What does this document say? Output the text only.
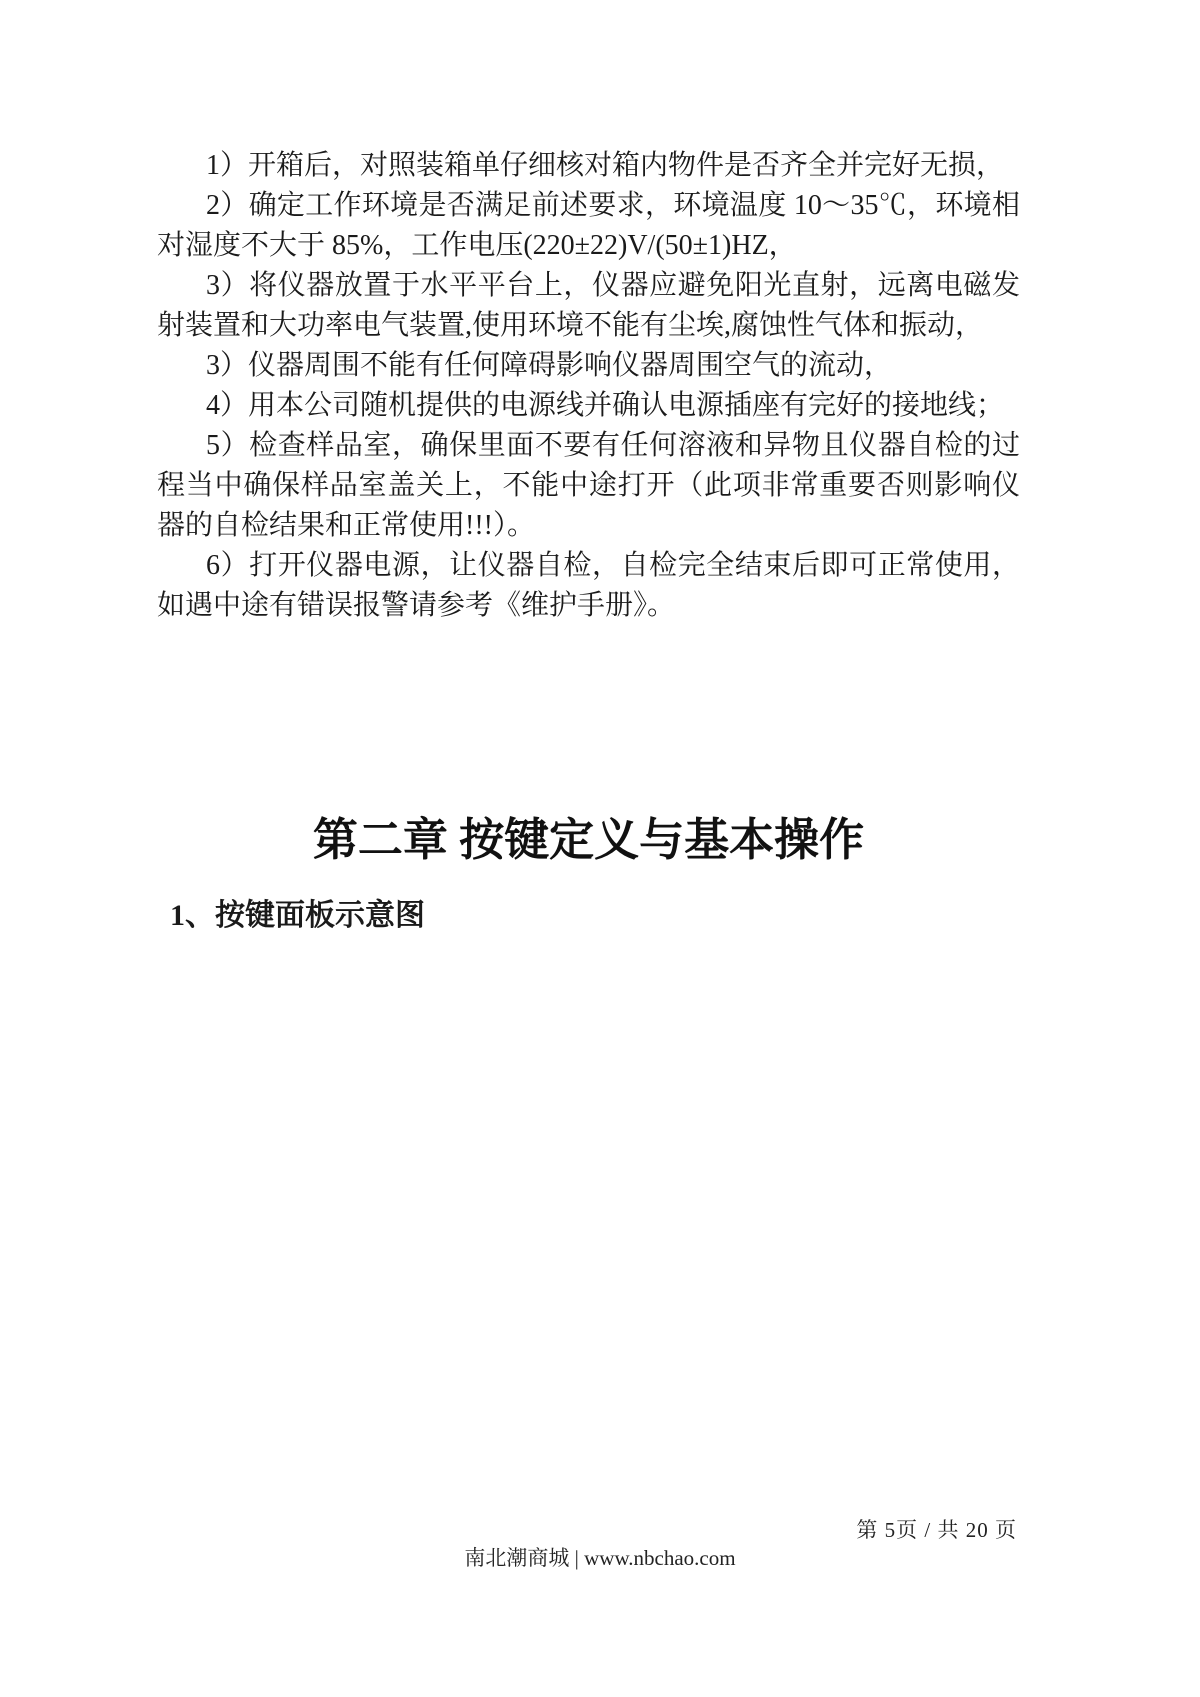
1）开箱后，对照装箱单仔细核对箱内物件是否齐全并完好无损，

2）确定工作环境是否满足前述要求，环境温度 10～35℃，环境相对湿度不大于 85%，工作电压(220±22)V/(50±1)HZ，

3）将仪器放置于水平平台上，仪器应避免阳光直射，远离电磁发射装置和大功率电气装置,使用环境不能有尘埃,腐蚀性气体和振动，

3）仪器周围不能有任何障碍影响仪器周围空气的流动，

4）用本公司随机提供的电源线并确认电源插座有完好的接地线；

5）检查样品室，确保里面不要有任何溶液和异物且仪器自检的过程当中确保样品室盖关上，不能中途打开（此项非常重要否则影响仪器的自检结果和正常使用!!!）。

6）打开仪器电源，让仪器自检，自检完全结束后即可正常使用，如遇中途有错误报警请参考《维护手册》。

第二章 按键定义与基本操作
1、按键面板示意图
第 5页 / 共 20 页
南北潮商城 | www.nbchao.com
